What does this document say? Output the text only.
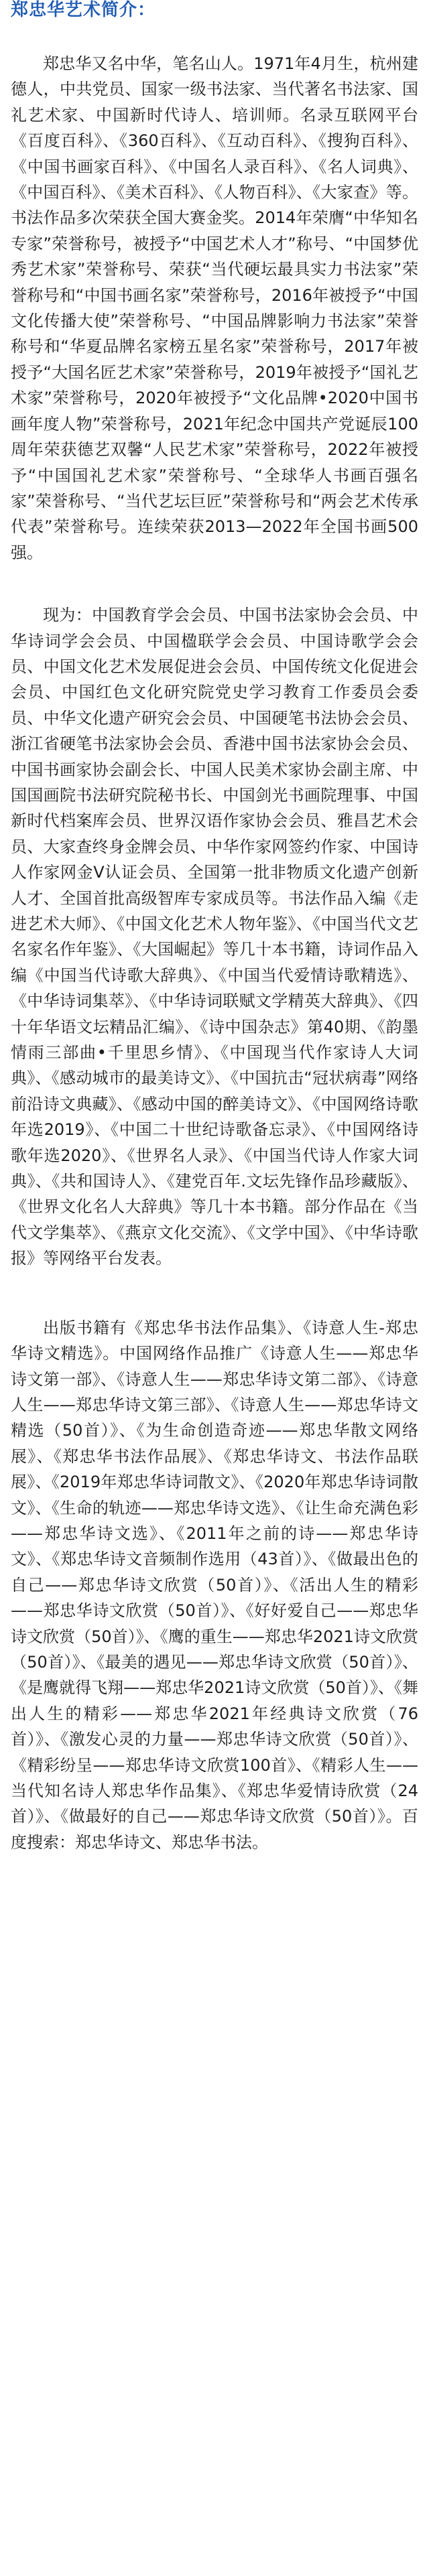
郑忠华艺术简介：

郑忠华又名中华，笔名山人。1971年4月生，杭州建德人，中共党员、国家一级书法家、当代著名书法家、国礼艺术家、中国新时代诗人、培训师。名录互联网平台《百度百科》、《360百科》、《互动百科》、《搜狗百科》、《中国书画家百科》、《中国名人录百科》、《名人词典》、《中国百科》、《美术百科》、《人物百科》、《大家查》等。书法作品多次荣获全国大赛金奖。2014年荣膺“中华知名专家”荣誉称号，被授予“中国艺术人才”称号、“中国梦优秀艺术家”荣誉称号、荣获“当代硬坛最具实力书法家”荣誉称号和“中国书画名家”荣誉称号，2016年被授予“中国文化传播大使”荣誉称号、“中国品牌影响力书法家”荣誉称号和“华夏品牌名家榜五星名家”荣誉称号，2017年被授予“大国名匠艺术家”荣誉称号，2019年被授予“国礼艺术家”荣誉称号，2020年被授予“文化品牌•2020中国书画年度人物”荣誉称号，2021年纪念中国共产党诞辰100周年荣获德艺双馨“人民艺术家”荣誉称号，2022年被授予“中国国礼艺术家”荣誉称号、“全球华人书画百强名家”荣誉称号、“当代艺坛巨匠”荣誉称号和“两会艺术传承代表”荣誉称号。连续荣获2013—2022年全国书画500强。

现为：中国教育学会会员、中国书法家协会会员、中华诗词学会会员、中国楹联学会会员、中国诗歌学会会员、中国文化艺术发展促进会会员、中国传统文化促进会会员、中国红色文化研究院党史学习教育工作委员会委员、中华文化遗产研究会会员、中国硬笔书法协会会员、浙江省硬笔书法家协会会员、香港中国书法家协会会员、中国书画家协会副会长、中国人民美术家协会副主席、中国国画院书法研究院秘书长、中国剑光书画院理事、中国新时代档案库会员、世界汉语作家协会会员、雅昌艺术会员、大家查终身金牌会员、中华作家网签约作家、中国诗人作家网金V认证会员、全国第一批非物质文化遗产创新人才、全国首批高级智库专家成员等。书法作品入编《走进艺术大师》、《中国文化艺术人物年鉴》、《中国当代文艺名家名作年鉴》、《大国崛起》等几十本书籍，诗词作品入编《中国当代诗歌大辞典》、《中国当代爱情诗歌精选》、《中华诗词集萃》、《中华诗词联赋文学精英大辞典》、《四十年华语文坛精品汇编》、《诗中国杂志》第40期、《韵墨情雨三部曲•千里思乡情》、《中国现当代作家诗人大词典》、《感动城市的最美诗文》、《中国抗击“冠状病毒”网络前沿诗文典藏》、《感动中国的醉美诗文》、《中国网络诗歌年选2019》、《中国二十世纪诗歌备忘录》、《中国网络诗歌年选2020》、《世界名人录》、《中国当代诗人作家大词典》、《共和国诗人》、《建党百年.文坛先锋作品珍藏版》、《世界文化名人大辞典》等几十本书籍。部分作品在《当代文学集萃》、《燕京文化交流》、《文学中国》、《中华诗歌报》等网络平台发表。

出版书籍有《郑忠华书法作品集》、《诗意人生-郑忠华诗文精选》。中国网络作品推广《诗意人生——郑忠华诗文第一部》、《诗意人生——郑忠华诗文第二部》、《诗意人生——郑忠华诗文第三部》、《诗意人生——郑忠华诗文精选（50首）》、《为生命创造奇迹——郑忠华散文网络展》、《郑忠华书法作品展》、《郑忠华诗文、书法作品联展》、《2019年郑忠华诗词散文》、《2020年郑忠华诗词散文》、《生命的轨迹——郑忠华诗文选》、《让生命充满色彩——郑忠华诗文选》、《2011年之前的诗——郑忠华诗文》、《郑忠华诗文音频制作选用（43首）》、《做最出色的自己——郑忠华诗文欣赏（50首）》、《活出人生的精彩——郑忠华诗文欣赏（50首）》、《好好爱自己——郑忠华诗文欣赏（50首）》、《鹰的重生——郑忠华2021诗文欣赏（50首）》、《最美的遇见——郑忠华诗文欣赏（50首）》、《是鹰就得飞翔——郑忠华2021诗文欣赏（50首）》、《舞出人生的精彩——郑忠华2021年经典诗文欣赏（76首）》、《激发心灵的力量——郑忠华诗文欣赏（50首）》、《精彩纷呈——郑忠华诗文欣赏100首》、《精彩人生——当代知名诗人郑忠华作品集》、《郑忠华爱情诗欣赏（24首）》、《做最好的自己——郑忠华诗文欣赏（50首）》。百度搜索：郑忠华诗文、郑忠华书法。
